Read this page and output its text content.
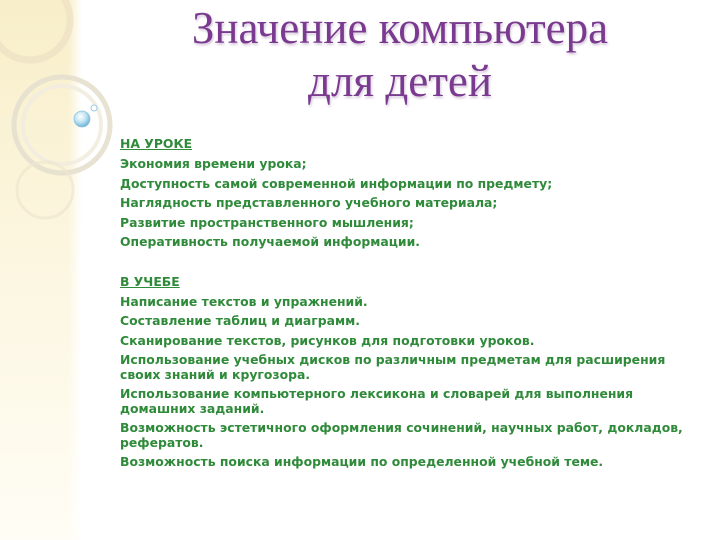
Значение компьютера
для детей
НА УРОКЕ
Экономия времени урока;
Доступность самой современной информации по предмету;
Наглядность представленного учебного материала;
Развитие пространственного мышления;
Оперативность получаемой информации.
В УЧЕБЕ
Написание текстов и упражнений.
Составление таблиц и диаграмм.
Сканирование текстов, рисунков для подготовки уроков.
Использование учебных дисков по различным предметам для расширения своих знаний и кругозора.
Использование компьютерного лексикона и словарей для выполнения домашних заданий.
Возможность эстетичного оформления сочинений, научных работ, докладов, рефератов.
Возможность поиска информации по определенной учебной теме.
